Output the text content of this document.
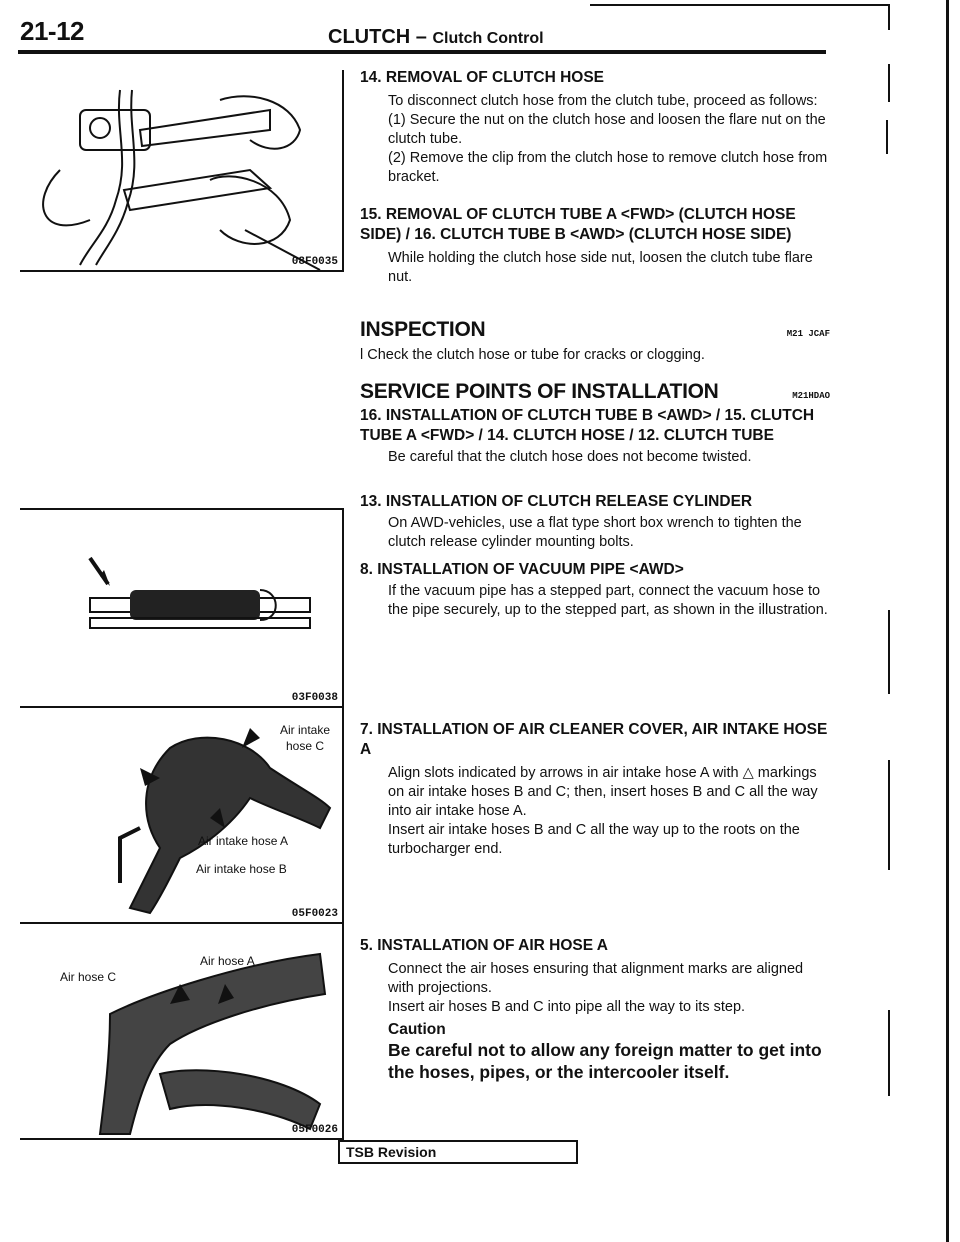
21-12	CLUTCH – Clutch Control
08F0035
03F0038
Air intake hose C
Air intake hose A
Air intake hose B
05F0023
Air hose A
Air hose C
Air hose B
05F0026
14. REMOVAL OF CLUTCH HOSE
To disconnect clutch hose from the clutch tube, proceed as follows:
(1) Secure the nut on the clutch hose and loosen the flare nut on the clutch tube.
(2) Remove the clip from the clutch hose to remove clutch hose from bracket.
15. REMOVAL OF CLUTCH TUBE A <FWD> (CLUTCH HOSE SIDE) / 16. CLUTCH TUBE B <AWD> (CLUTCH HOSE SIDE)
While holding the clutch hose side nut, loosen the clutch tube flare nut.
INSPECTION	M21 JCAF
l Check the clutch hose or tube for cracks or clogging.
SERVICE POINTS OF INSTALLATION	M21HDAO
16. INSTALLATION OF CLUTCH TUBE B <AWD> / 15. CLUTCH TUBE A <FWD> / 14. CLUTCH HOSE / 12. CLUTCH TUBE
Be careful that the clutch hose does not become twisted.
13. INSTALLATION OF CLUTCH RELEASE CYLINDER
On AWD-vehicles, use a flat type short box wrench to tighten the clutch release cylinder mounting bolts.
8. INSTALLATION OF VACUUM PIPE <AWD>
If the vacuum pipe has a stepped part, connect the vacuum hose to the pipe securely, up to the stepped part, as shown in the illustration.
7. INSTALLATION OF AIR CLEANER COVER, AIR INTAKE HOSE A
Align slots indicated by arrows in air intake hose A with △ markings on air intake hoses B and C; then, insert hoses B and C all the way into air intake hose A.
Insert air intake hoses B and C all the way up to the roots on the turbocharger end.
5. INSTALLATION OF AIR HOSE A
Connect the air hoses ensuring that alignment marks are aligned with projections.
Insert air hoses B and C into pipe all the way to its step.
Caution
Be careful not to allow any foreign matter to get into the hoses, pipes, or the intercooler itself.
TSB Revision
